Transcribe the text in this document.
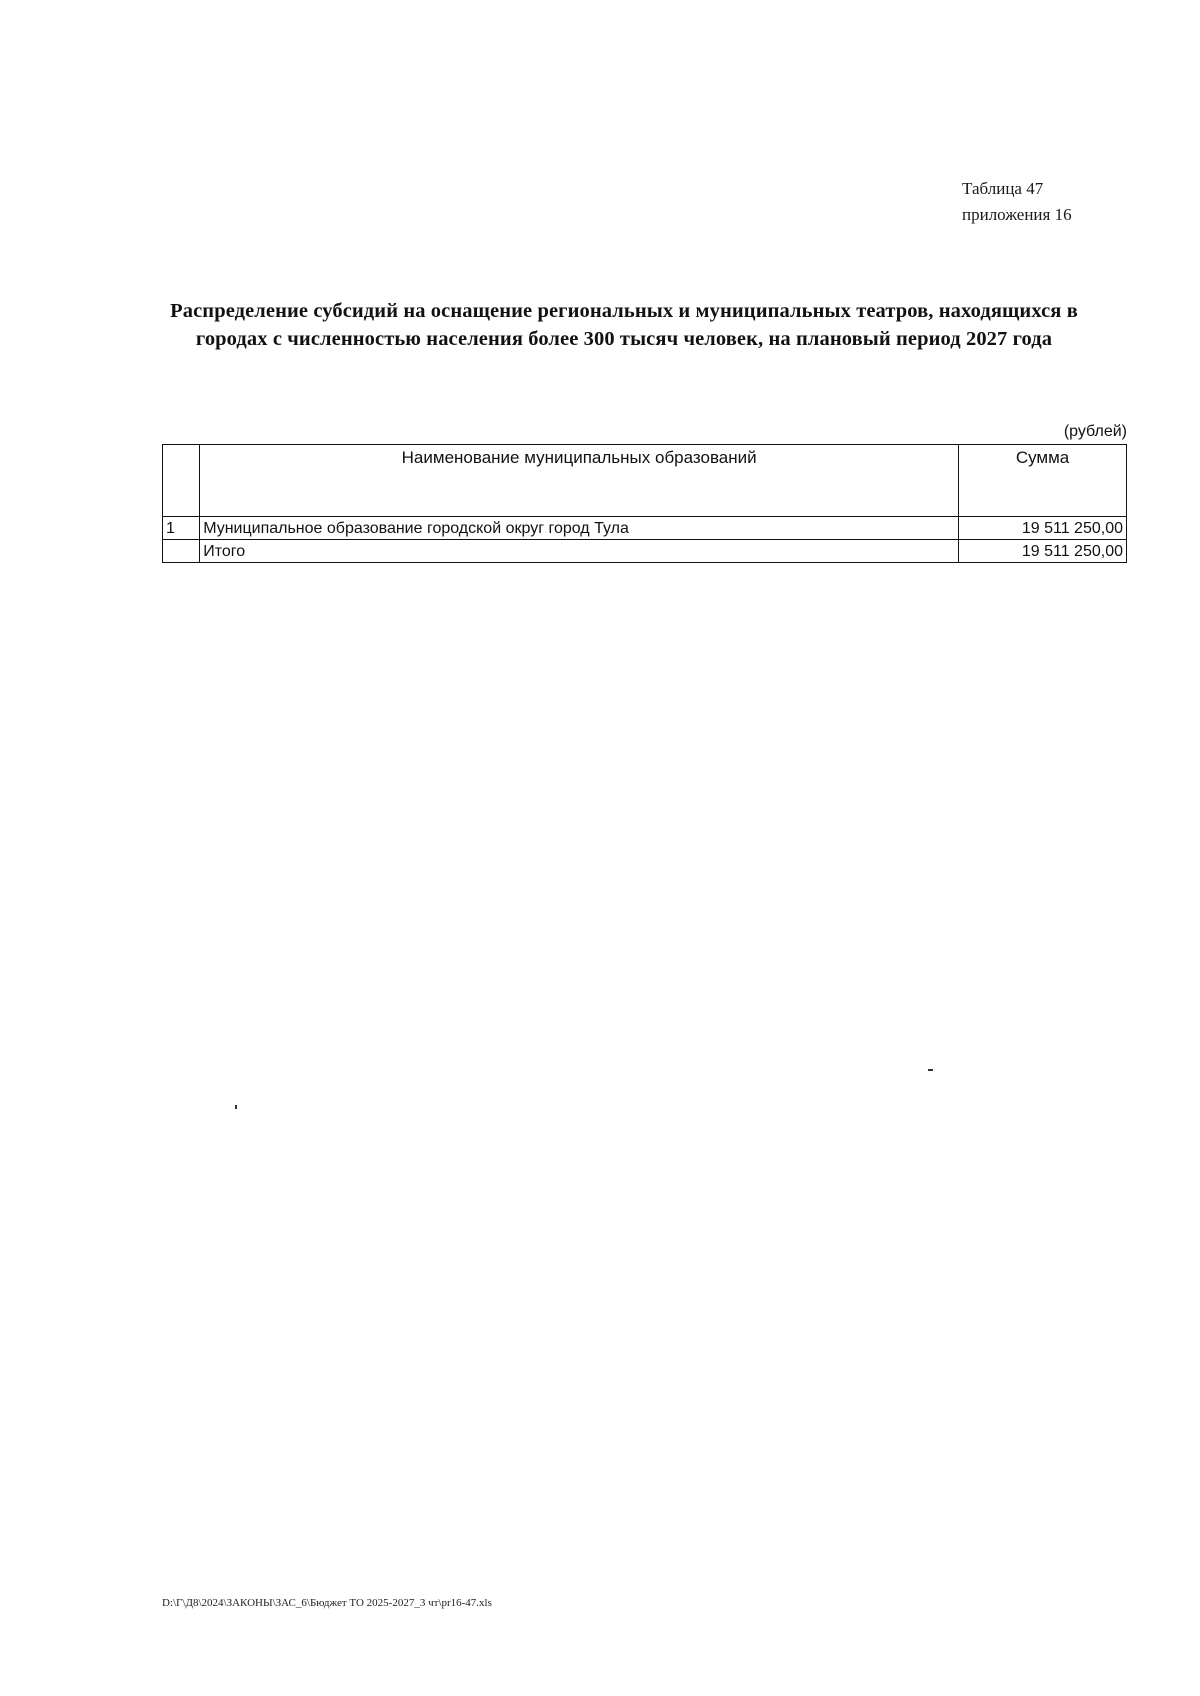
Таблица 47
приложения 16
Распределение субсидий на оснащение региональных и муниципальных театров, находящихся в
городах с численностью населения более 300 тысяч человек, на плановый период 2027 года
(рублей)
	Наименование муниципальных образований	Сумма
1	Муниципальное образование городской округ город Тула	19 511 250,00
	Итого	19 511 250,00
D:\Г\Д8\2024\ЗАКОНЫ\ЗАС_6\Бюджет ТО 2025-2027_3 чт\pr16-47.xls
